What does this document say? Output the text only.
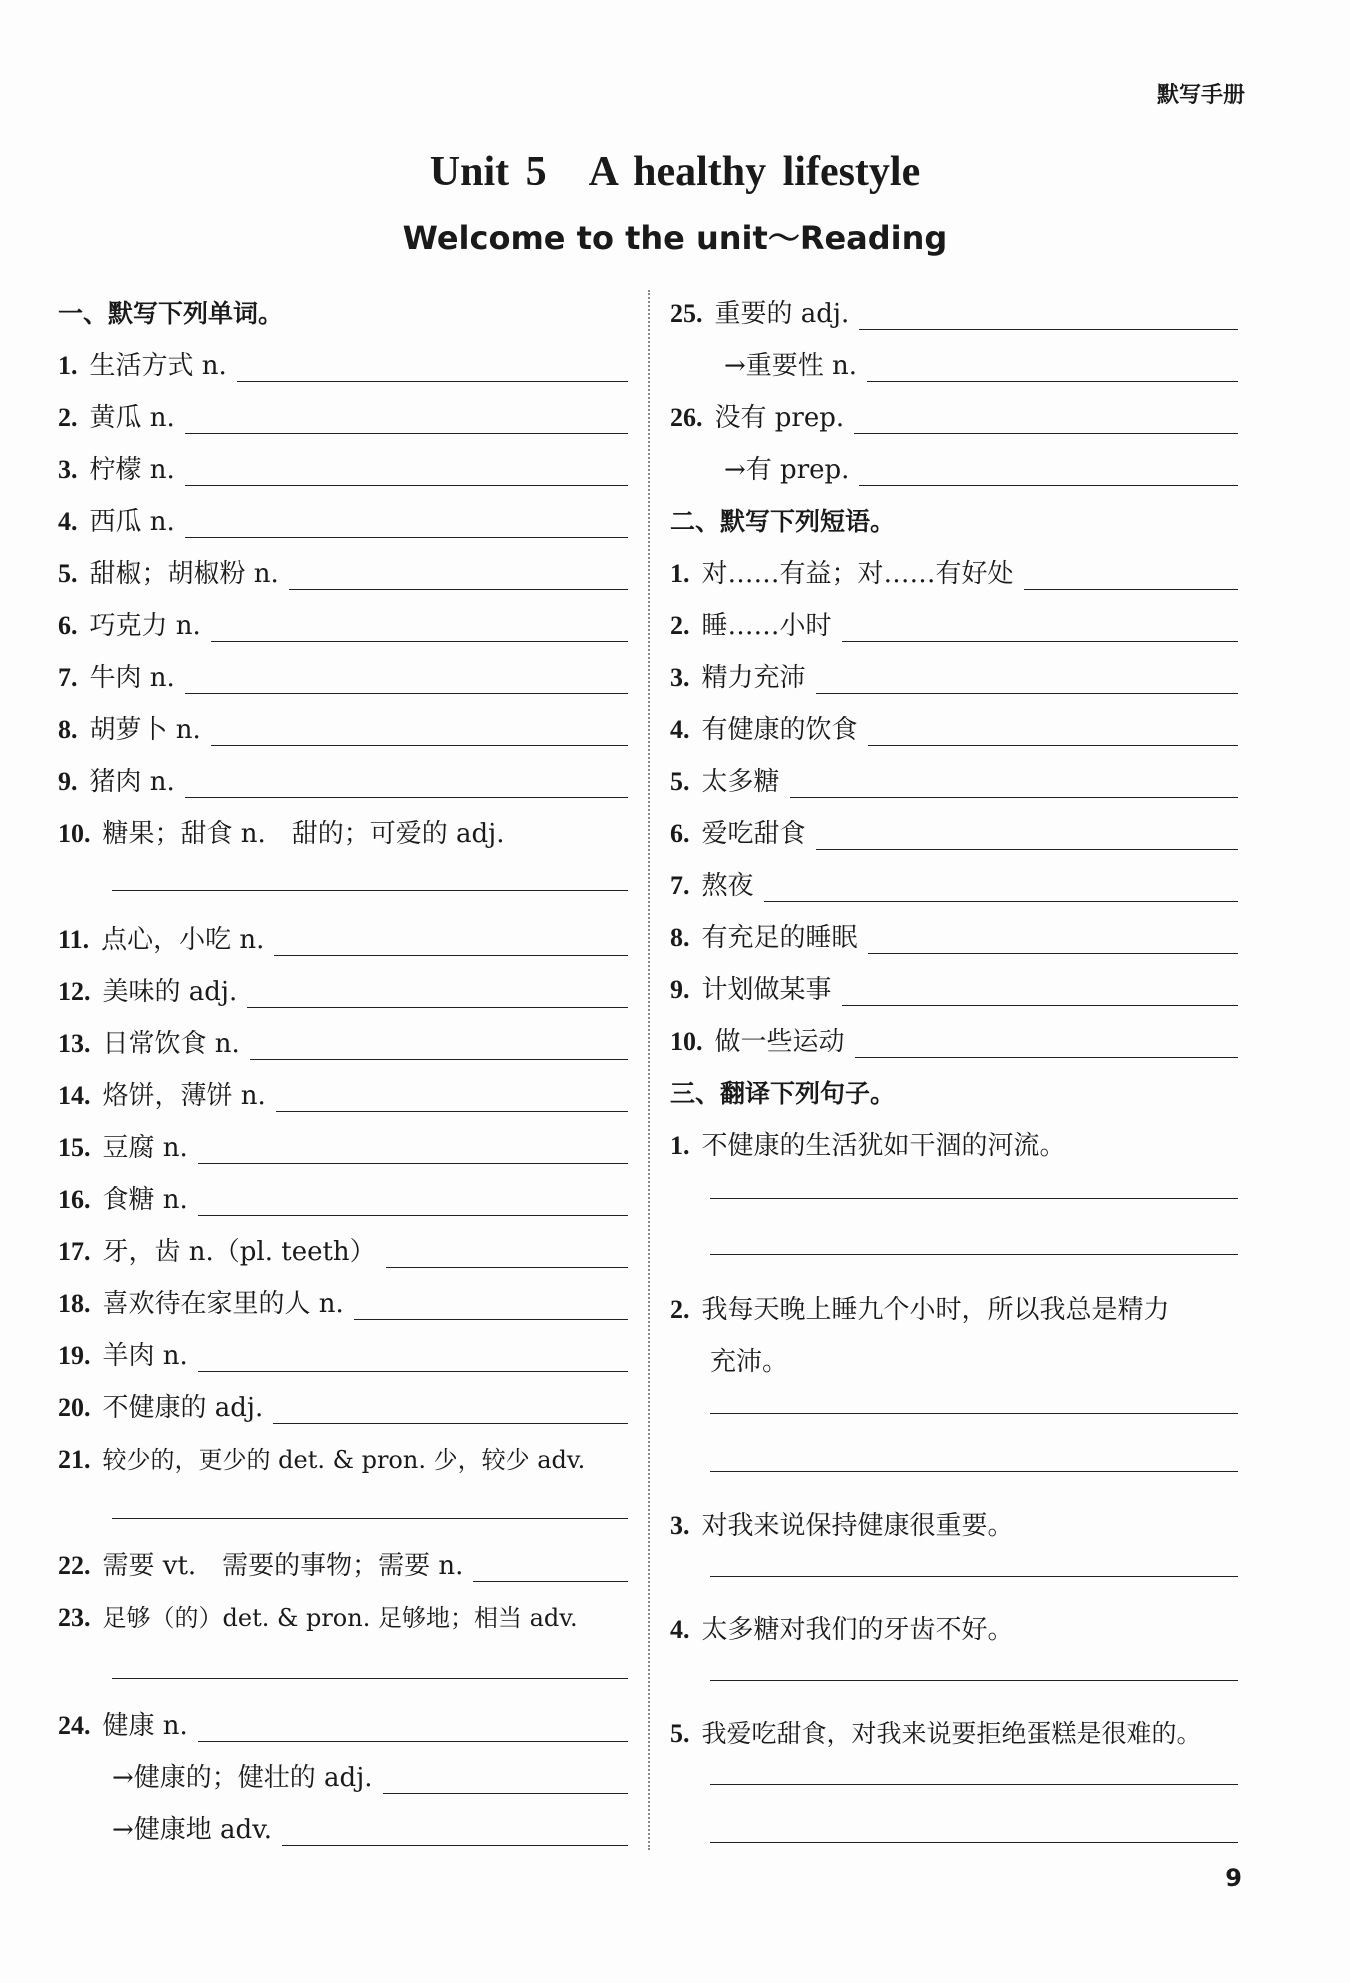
默写手册
Unit 5　A healthy lifestyle
Welcome to the unit～Reading
一、默写下列单词。
1. 生活方式 n.
2. 黄瓜 n.
3. 柠檬 n.
4. 西瓜 n.
5. 甜椒；胡椒粉 n.
6. 巧克力 n.
7. 牛肉 n.
8. 胡萝卜 n.
9. 猪肉 n.
10. 糖果；甜食 n.　甜的；可爱的 adj.
11. 点心，小吃 n.
12. 美味的 adj.
13. 日常饮食 n.
14. 烙饼，薄饼 n.
15. 豆腐 n.
16. 食糖 n.
17. 牙，齿 n.（pl. teeth）
18. 喜欢待在家里的人 n.
19. 羊肉 n.
20. 不健康的 adj.
21. 较少的，更少的 det. & pron. 少，较少 adv.
22. 需要 vt.　需要的事物；需要 n.
23. 足够（的）det. & pron. 足够地；相当 adv.
24. 健康 n.
→健康的；健壮的 adj.
→健康地 adv.
25. 重要的 adj.
→重要性 n.
26. 没有 prep.
→有 prep.
二、默写下列短语。
1. 对……有益；对……有好处
2. 睡……小时
3. 精力充沛
4. 有健康的饮食
5. 太多糖
6. 爱吃甜食
7. 熬夜
8. 有充足的睡眠
9. 计划做某事
10. 做一些运动
三、翻译下列句子。
1. 不健康的生活犹如干涸的河流。
2. 我每天晚上睡九个小时，所以我总是精力
充沛。
3. 对我来说保持健康很重要。
4. 太多糖对我们的牙齿不好。
5. 我爱吃甜食，对我来说要拒绝蛋糕是很难的。
9
